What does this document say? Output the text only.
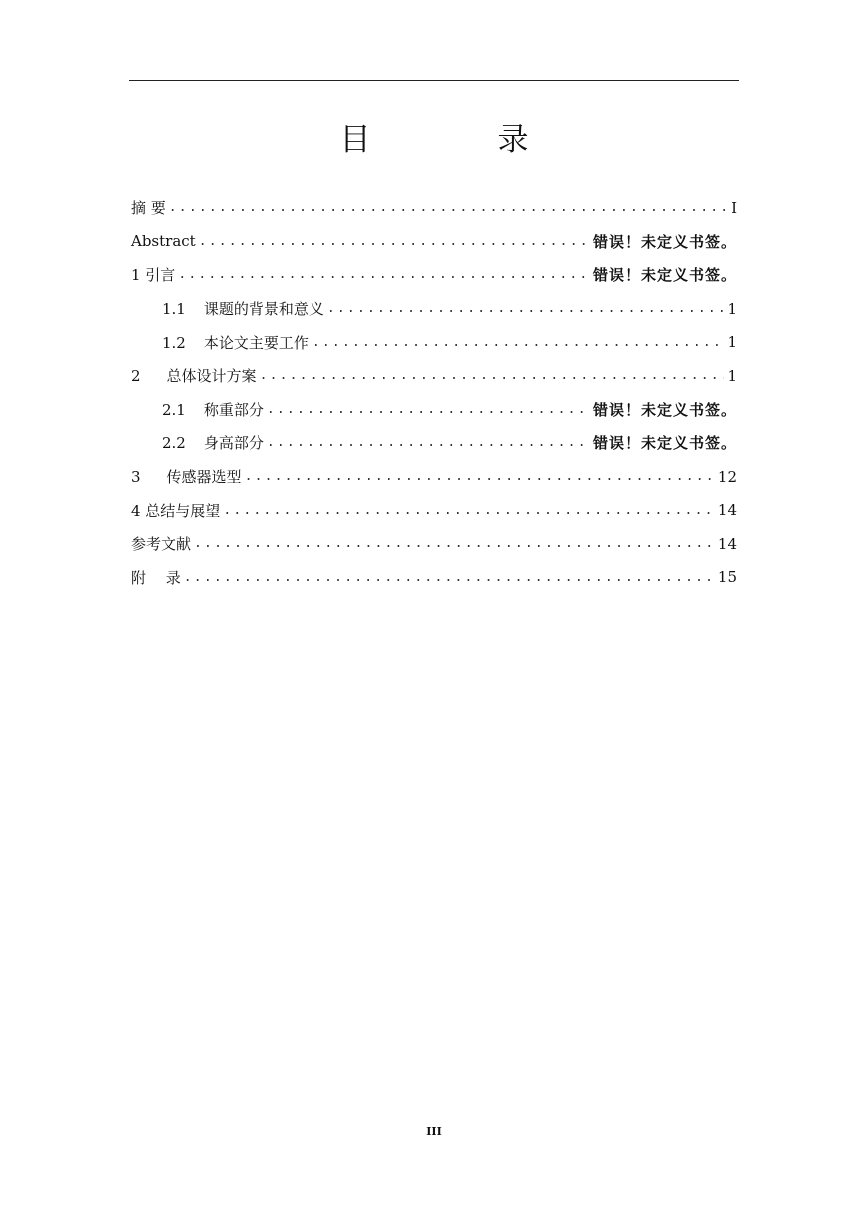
目　录
摘 要 .....	I
Abstract .....	错误！未定义书签。
1 引言 .....	错误！未定义书签。
1.1 课题的背景和意义 .....	1
1.2 本论文主要工作 .....	1
2 总体设计方案 .....	1
2.1 称重部分 .....	错误！未定义书签。
2.2 身高部分 .....	错误！未定义书签。
3 传感器选型 .....	12
4 总结与展望 .....	14
参考文献 .....	14
附　 录 .....	15
III
